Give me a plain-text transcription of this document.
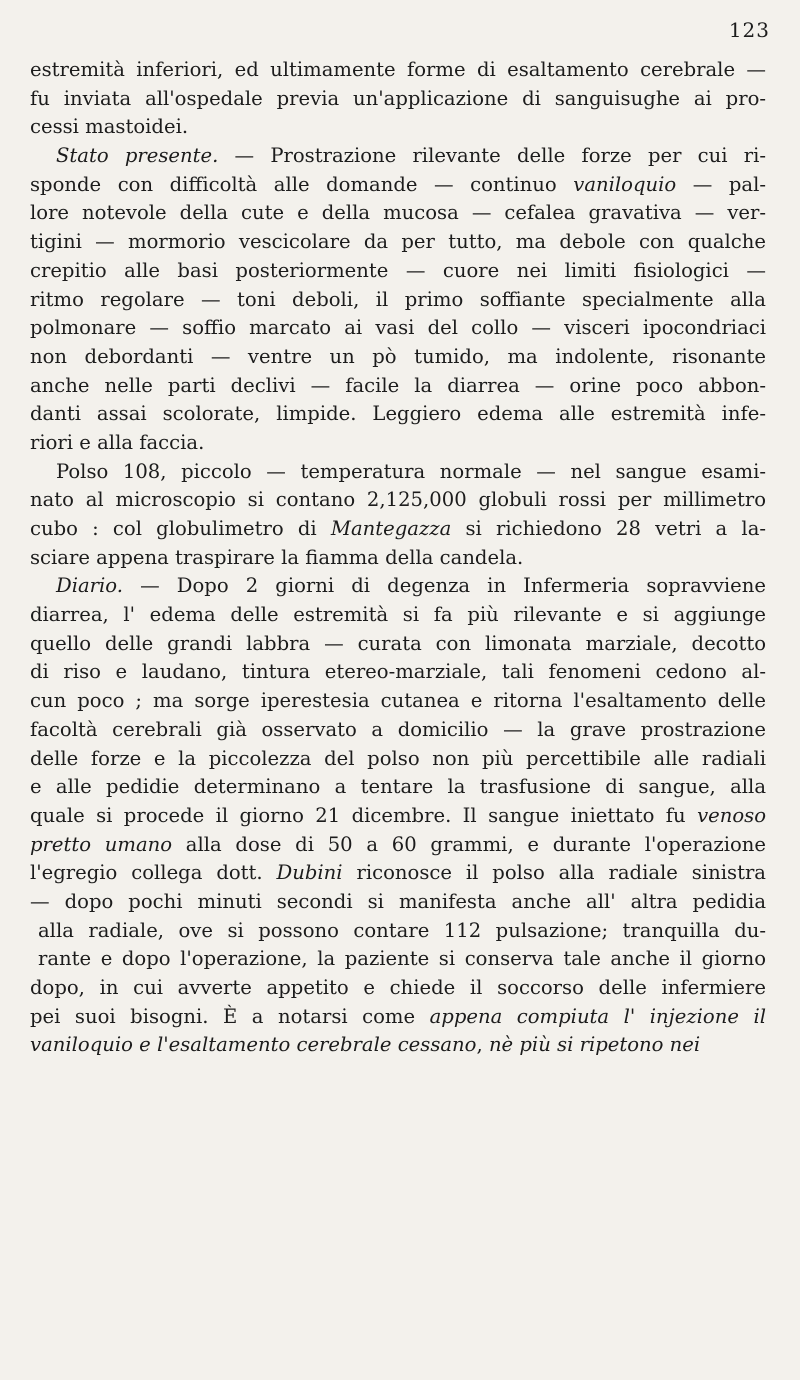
123
estremità inferiori, ed ultimamente forme di esaltamento cerebrale —
fu inviata all'ospedale previa un'applicazione di sanguisughe ai pro-
cessi mastoidei.
Stato presente. — Prostrazione rilevante delle forze per cui ri-
sponde con difficoltà alle domande — continuo vaniloquio — pal-
lore notevole della cute e della mucosa — cefalea gravativa — ver-
tigini — mormorio vescicolare da per tutto, ma debole con qualche
crepitio alle basi posteriormente — cuore nei limiti fisiologici —
ritmo regolare — toni deboli, il primo soffiante specialmente alla
polmonare — soffio marcato ai vasi del collo — visceri ipocondriaci
non debordanti — ventre un pò tumido, ma indolente, risonante
anche nelle parti declivi — facile la diarrea — orine poco abbon-
danti assai scolorate, limpide. Leggiero edema alle estremità infe-
riori e alla faccia.
Polso 108, piccolo — temperatura normale — nel sangue esami-
nato al microscopio si contano 2,125,000 globuli rossi per millimetro
cubo : col globulimetro di Mantegazza si richiedono 28 vetri a la-
sciare appena traspirare la fiamma della candela.
Diario. — Dopo 2 giorni di degenza in Infermeria sopravviene
diarrea, l' edema delle estremità si fa più rilevante e si aggiunge
quello delle grandi labbra — curata con limonata marziale, decotto
di riso e laudano, tintura etereo-marziale, tali fenomeni cedono al-
cun poco ; ma sorge iperestesia cutanea e ritorna l'esaltamento delle
facoltà cerebrali già osservato a domicilio — la grave prostrazione
delle forze e la piccolezza del polso non più percettibile alle radiali
e alle pedidie determinano a tentare la trasfusione di sangue, alla
quale si procede il giorno 21 dicembre. Il sangue iniettato fu venoso
pretto umano alla dose di 50 a 60 grammi, e durante l'operazione
l'egregio collega dott. Dubini riconosce il polso alla radiale sinistra
— dopo pochi minuti secondi si manifesta anche all' altra pedidia
alla radiale, ove si possono contare 112 pulsazione; tranquilla du-
rante e dopo l'operazione, la paziente si conserva tale anche il giorno
dopo, in cui avverte appetito e chiede il soccorso delle infermiere
pei suoi bisogni. È a notarsi come appena compiuta l' injezione il
vaniloquio e l'esaltamento cerebrale cessano, nè più si ripetono nei
